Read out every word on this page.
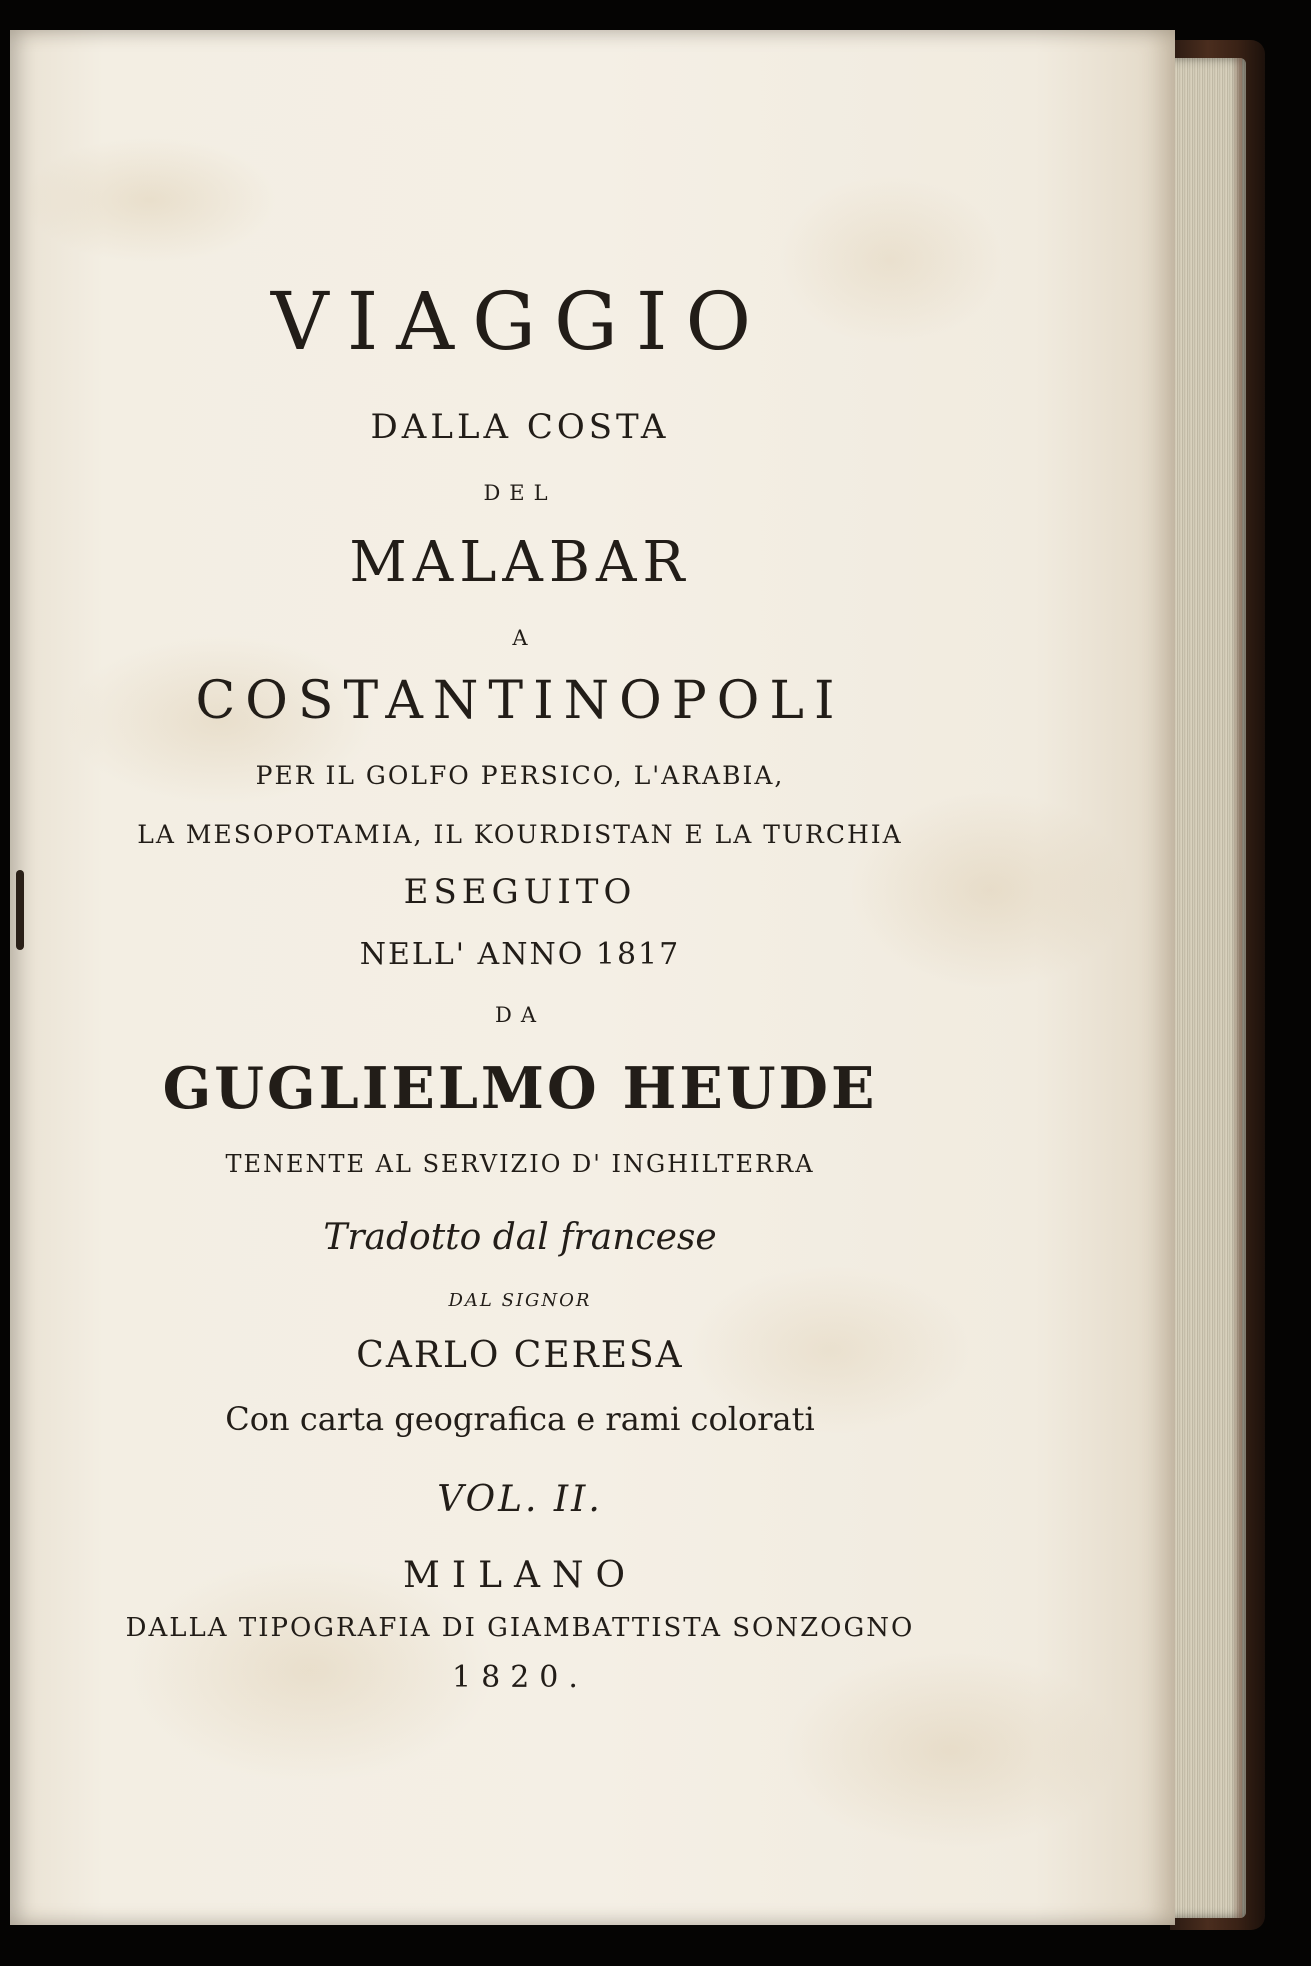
VIAGGIO
DALLA COSTA
DEL
MALABAR
A
COSTANTINOPOLI
PER IL GOLFO PERSICO, L'ARABIA,
LA MESOPOTAMIA, IL KOURDISTAN E LA TURCHIA
ESEGUITO
NELL' ANNO 1817
DA
GUGLIELMO HEUDE
TENENTE AL SERVIZIO D' INGHILTERRA
Tradotto dal francese
DAL SIGNOR
CARLO CERESA
Con carta geografica e rami colorati
VOL. II.
MILANO
DALLA TIPOGRAFIA DI GIAMBATTISTA SONZOGNO
1820.
